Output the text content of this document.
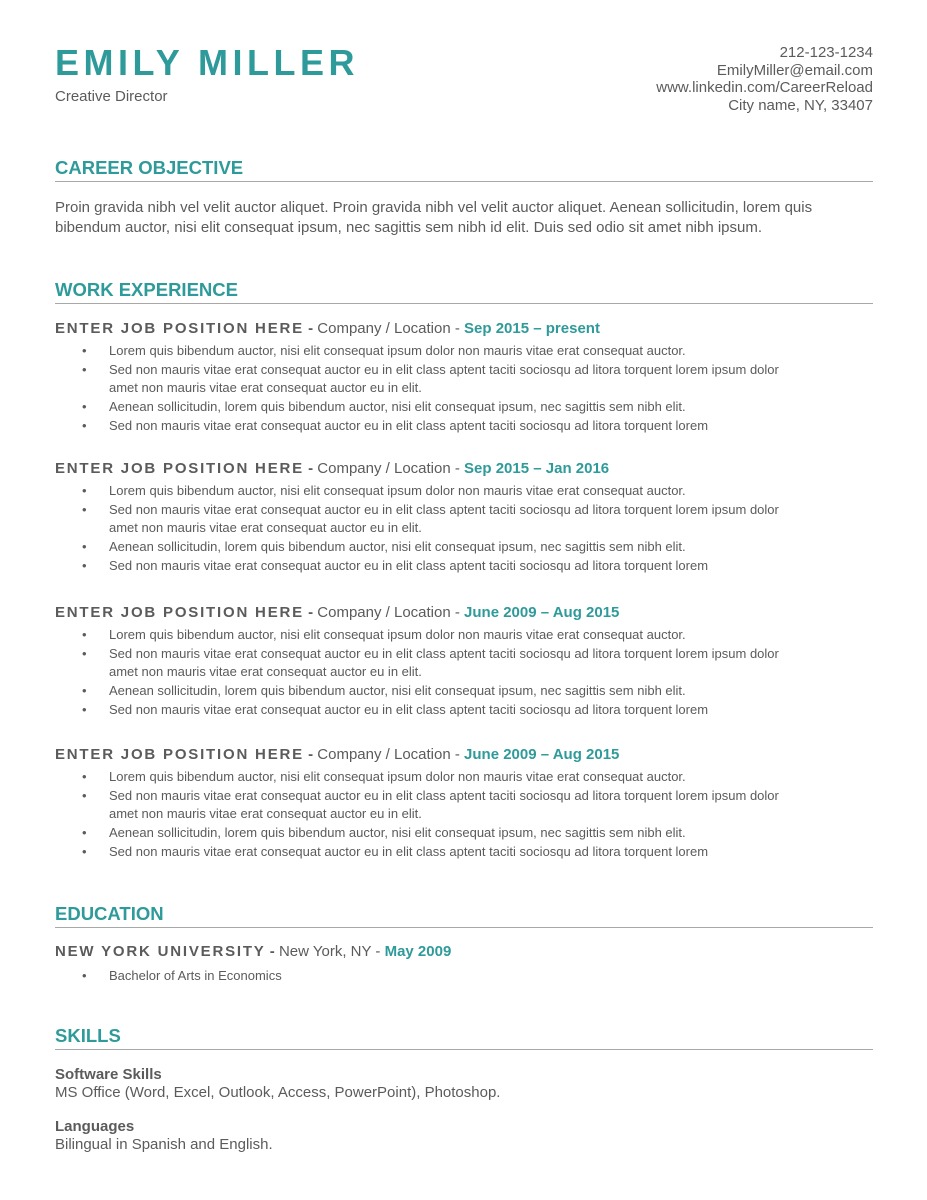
EMILY MILLER
Creative Director
212-123-1234
EmilyMiller@email.com
www.linkedin.com/CareerReload
City name, NY, 33407
CAREER OBJECTIVE
Proin gravida nibh vel velit auctor aliquet. Proin gravida nibh vel velit auctor aliquet. Aenean sollicitudin, lorem quis bibendum auctor, nisi elit consequat ipsum, nec sagittis sem nibh id elit. Duis sed odio sit amet nibh ipsum.
WORK EXPERIENCE
ENTER JOB POSITION HERE - Company / Location - Sep 2015 – present
• Lorem quis bibendum auctor, nisi elit consequat ipsum dolor non mauris vitae erat consequat auctor.
• Sed non mauris vitae erat consequat auctor eu in elit class aptent taciti sociosqu ad litora torquent lorem ipsum dolor amet non mauris vitae erat consequat auctor eu in elit.
• Aenean sollicitudin, lorem quis bibendum auctor, nisi elit consequat ipsum, nec sagittis sem nibh elit.
• Sed non mauris vitae erat consequat auctor eu in elit class aptent taciti sociosqu ad litora torquent lorem
ENTER JOB POSITION HERE - Company / Location - Sep 2015 – Jan 2016
• Lorem quis bibendum auctor, nisi elit consequat ipsum dolor non mauris vitae erat consequat auctor.
• Sed non mauris vitae erat consequat auctor eu in elit class aptent taciti sociosqu ad litora torquent lorem ipsum dolor amet non mauris vitae erat consequat auctor eu in elit.
• Aenean sollicitudin, lorem quis bibendum auctor, nisi elit consequat ipsum, nec sagittis sem nibh elit.
• Sed non mauris vitae erat consequat auctor eu in elit class aptent taciti sociosqu ad litora torquent lorem
ENTER JOB POSITION HERE - Company / Location - June 2009 – Aug 2015
• Lorem quis bibendum auctor, nisi elit consequat ipsum dolor non mauris vitae erat consequat auctor.
• Sed non mauris vitae erat consequat auctor eu in elit class aptent taciti sociosqu ad litora torquent lorem ipsum dolor amet non mauris vitae erat consequat auctor eu in elit.
• Aenean sollicitudin, lorem quis bibendum auctor, nisi elit consequat ipsum, nec sagittis sem nibh elit.
• Sed non mauris vitae erat consequat auctor eu in elit class aptent taciti sociosqu ad litora torquent lorem
ENTER JOB POSITION HERE - Company / Location - June 2009 – Aug 2015
• Lorem quis bibendum auctor, nisi elit consequat ipsum dolor non mauris vitae erat consequat auctor.
• Sed non mauris vitae erat consequat auctor eu in elit class aptent taciti sociosqu ad litora torquent lorem ipsum dolor amet non mauris vitae erat consequat auctor eu in elit.
• Aenean sollicitudin, lorem quis bibendum auctor, nisi elit consequat ipsum, nec sagittis sem nibh elit.
• Sed non mauris vitae erat consequat auctor eu in elit class aptent taciti sociosqu ad litora torquent lorem
EDUCATION
NEW YORK UNIVERSITY - New York, NY - May 2009
• Bachelor of Arts in Economics
SKILLS
Software Skills
MS Office (Word, Excel, Outlook, Access, PowerPoint), Photoshop.
Languages
Bilingual in Spanish and English.
